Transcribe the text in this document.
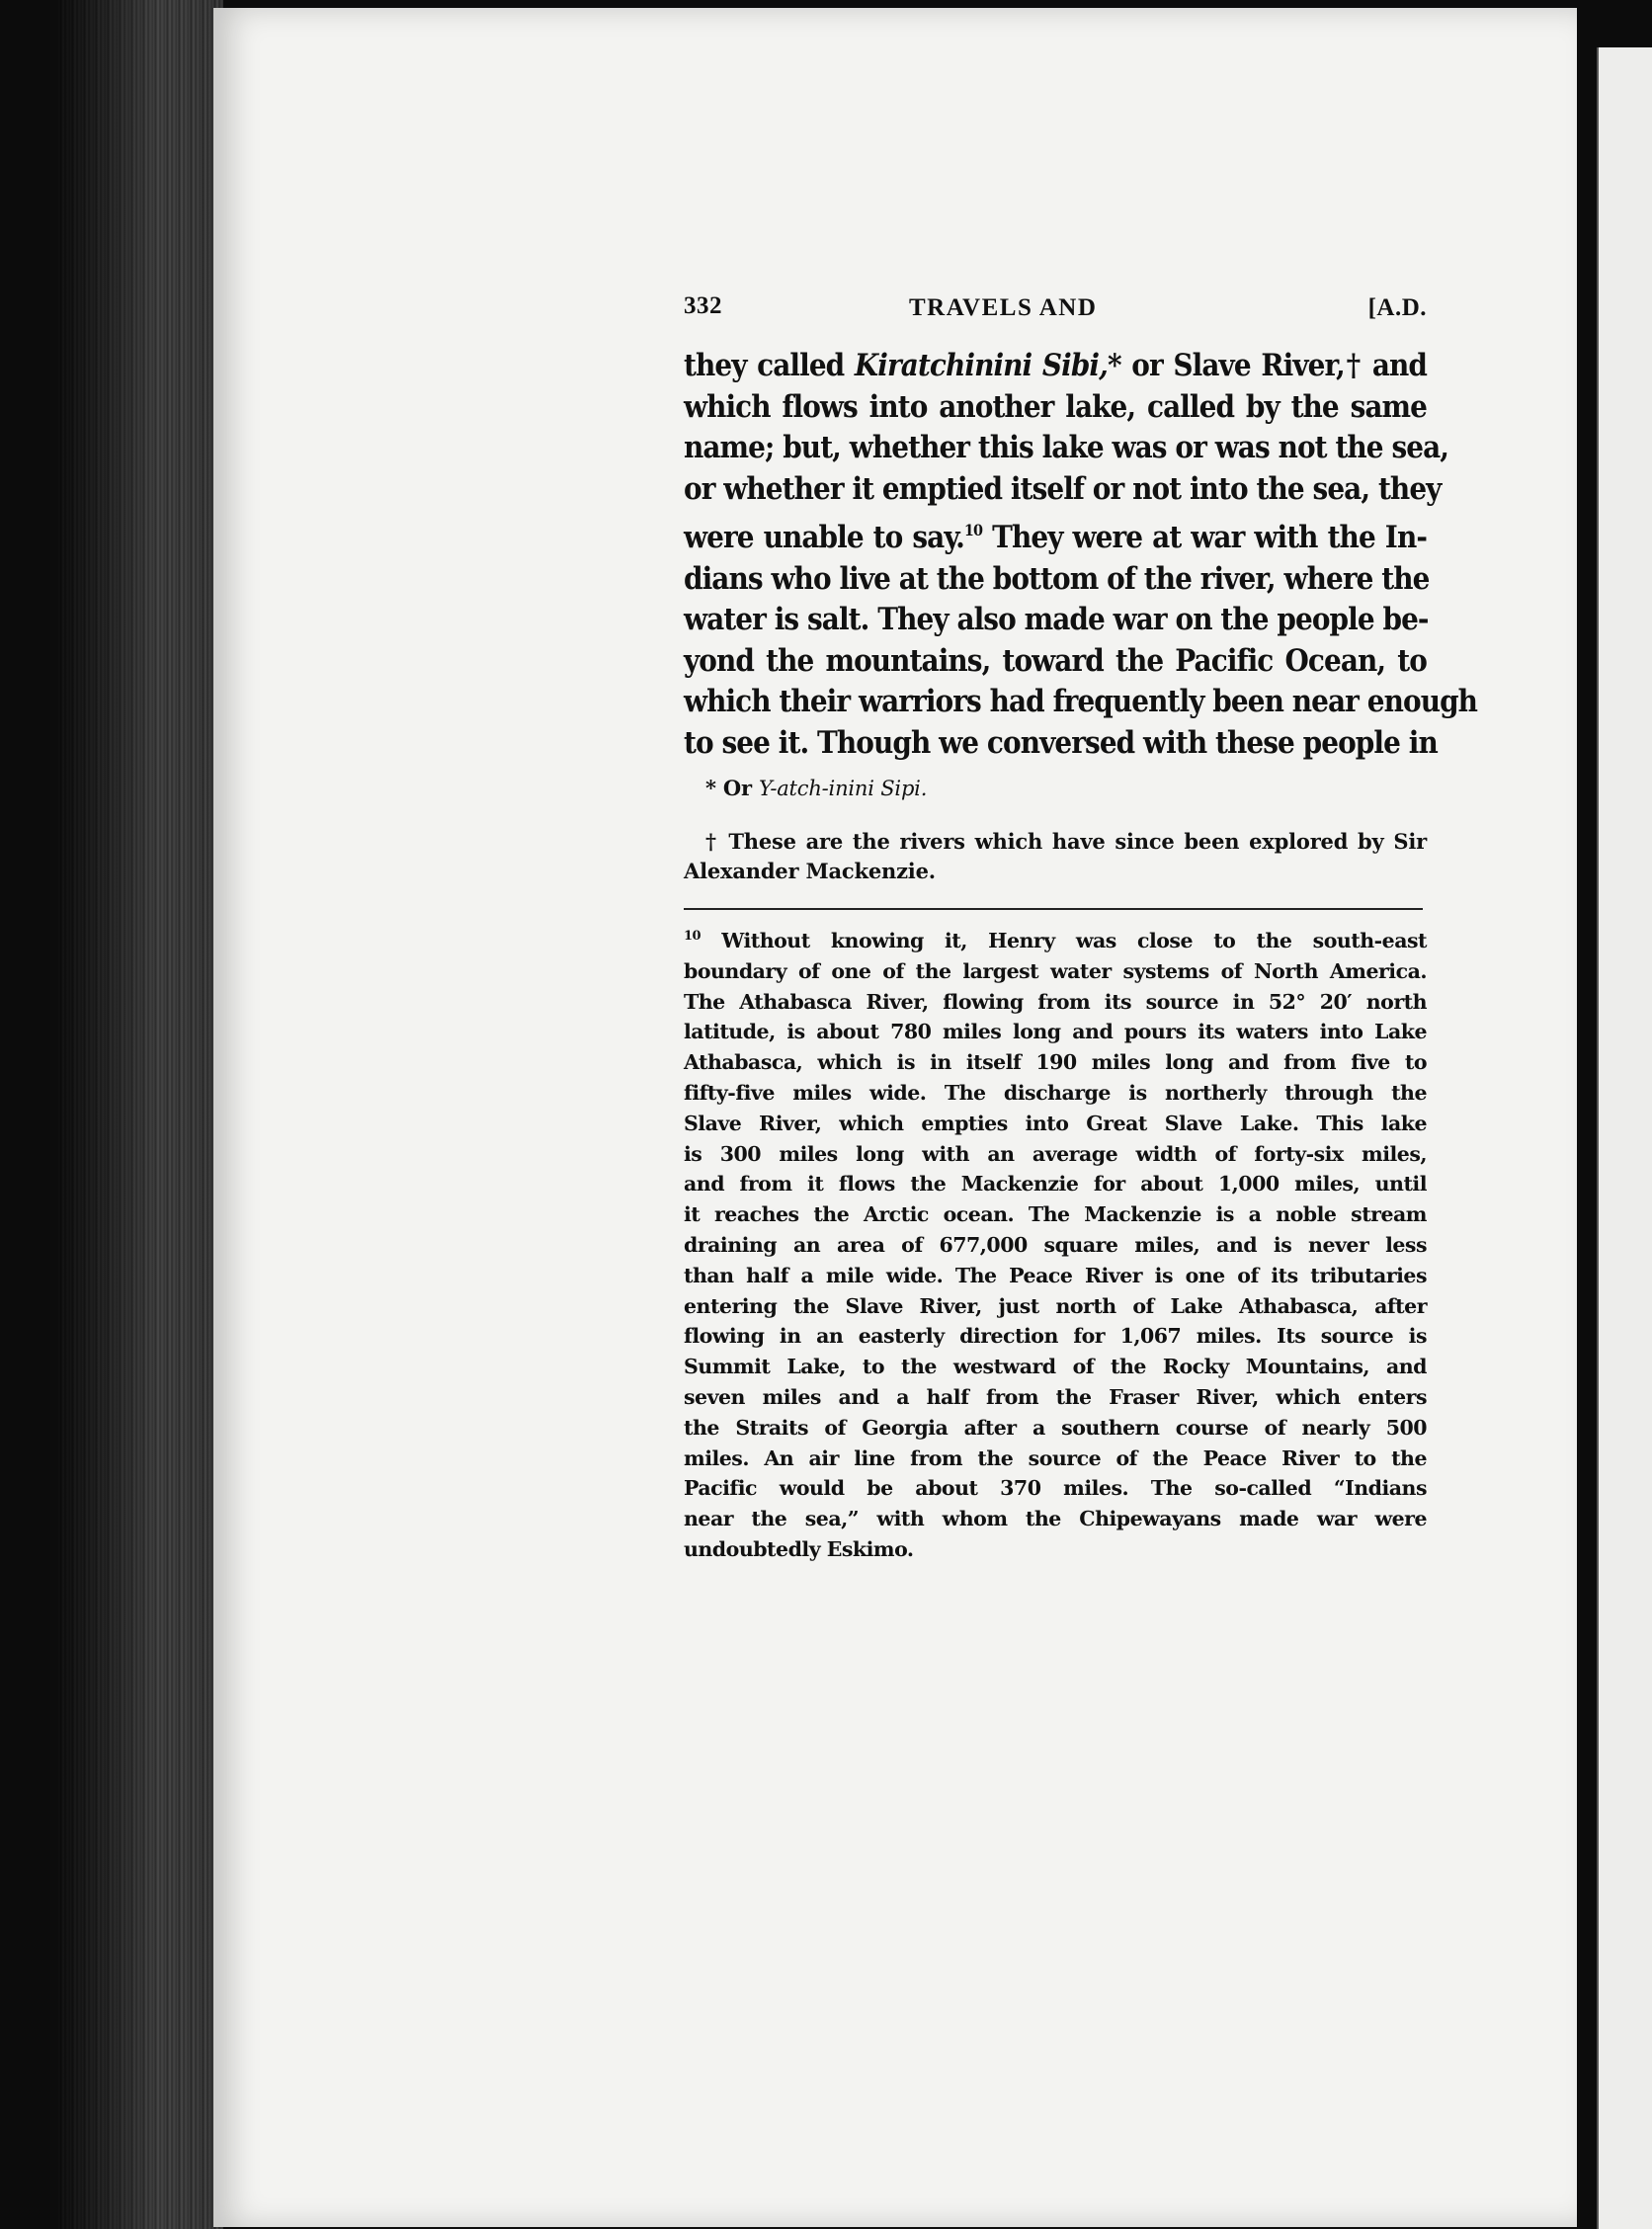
332	TRAVELS AND	[A.D.
they called Kiratchinini Sibi,* or Slave River,† and
which flows into another lake, called by the same
name; but, whether this lake was or was not the sea,
or whether it emptied itself or not into the sea, they
were unable to say.$^{10}$ They were at war with the In-
dians who live at the bottom of the river, where the
water is salt. They also made war on the people be-
yond the mountains, toward the Pacific Ocean, to
which their warriors had frequently been near enough
to see it. Though we conversed with these people in
* Or Y-atch-inini Sipi.
† These are the rivers which have since been explored by Sir Alexander Mackenzie.
$^{10}$ Without knowing it, Henry was close to the south-east
boundary of one of the largest water systems of North America.
The Athabasca River, flowing from its source in 52° 20′ north
latitude, is about 780 miles long and pours its waters into Lake
Athabasca, which is in itself 190 miles long and from five to
fifty-five miles wide. The discharge is northerly through the
Slave River, which empties into Great Slave Lake. This lake
is 300 miles long with an average width of forty-six miles,
and from it flows the Mackenzie for about 1,000 miles, until
it reaches the Arctic ocean. The Mackenzie is a noble stream
draining an area of 677,000 square miles, and is never less
than half a mile wide. The Peace River is one of its tributaries
entering the Slave River, just north of Lake Athabasca, after
flowing in an easterly direction for 1,067 miles. Its source is
Summit Lake, to the westward of the Rocky Mountains, and
seven miles and a half from the Fraser River, which enters
the Straits of Georgia after a southern course of nearly 500
miles. An air line from the source of the Peace River to the
Pacific would be about 370 miles. The so-called “Indians
near the sea,” with whom the Chipewayans made war were
undoubtedly Eskimo.
